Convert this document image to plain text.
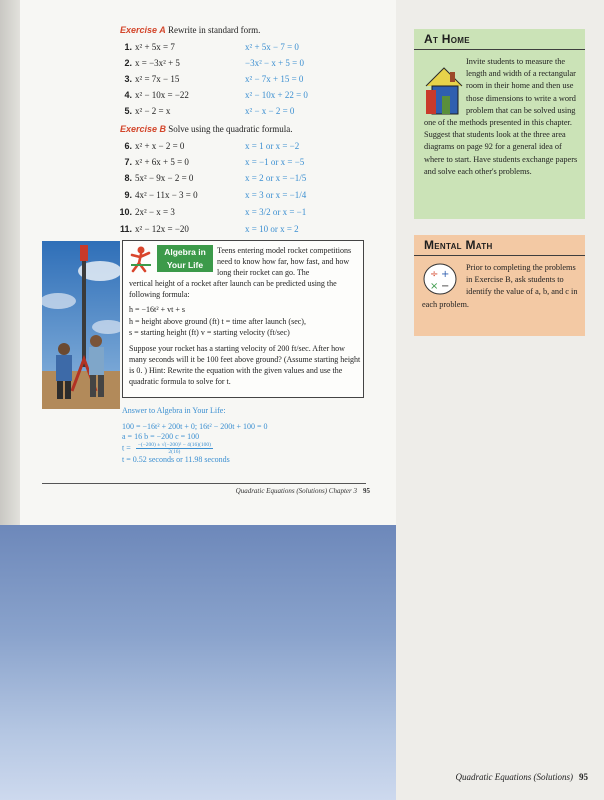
Exercise A Rewrite in standard form.
1. x² + 5x = 7	x² + 5x − 7 = 0
2. x = −3x² + 5	−3x² − x + 5 = 0
3. x² = 7x − 15	x² − 7x + 15 = 0
4. x² − 10x = −22	x² − 10x + 22 = 0
5. x² − 2 = x	x² − x − 2 = 0
Exercise B Solve using the quadratic formula.
6. x² + x − 2 = 0	x = 1 or x = −2
7. x² + 6x + 5 = 0	x = −1 or x = −5
8. 5x² − 9x − 2 = 0	x = 2 or x = −1/5
9. 4x² − 11x − 3 = 0	x = 3 or x = −1/4
10. 2x² − x = 3	x = 3/2 or x = −1
11. x² − 12x = −20	x = 10 or x = 2
Algebra in
Your Life
Teens entering model rocket competitions need to know how far, how fast, and how long their rocket can go. The
vertical height of a rocket after launch can be predicted using the following formula:
h = −16t² + vt + s
h = height above ground (ft) t = time after launch (sec),
s = starting height (ft) v = starting velocity (ft/sec)
Suppose your rocket has a starting velocity of 200 ft/sec. After how many seconds will it be 100 feet above ground? (Assume starting height is 0. ) Hint: Rewrite the equation with the given values and use the quadratic formula to solve for t.
Answer to Algebra in Your Life:
100 = −16t² + 200t + 0; 16t² − 200t + 100 = 0
a = 16 b = −200 c = 100
$t = \frac{\text{−(−200) ± √(−200)² − 4(16)(100)}}{2(16)}$
t = 0.52 seconds or 11.98 seconds
Quadratic Equations (Solutions) Chapter 3 95
At Home
Invite students to measure the length and width of a rectangular room in their home and then use those dimensions to write a word problem that can be solved using one of the methods presented in this chapter. Suggest that students look at the three area diagrams on page 92 for a general idea of where to start. Have students exchange papers and solve each other's problems.
Mental Math
÷ +
× −
Prior to completing the problems in Exercise B, ask students to identify the value of a, b, and c in each problem.
Quadratic Equations (Solutions) 95
